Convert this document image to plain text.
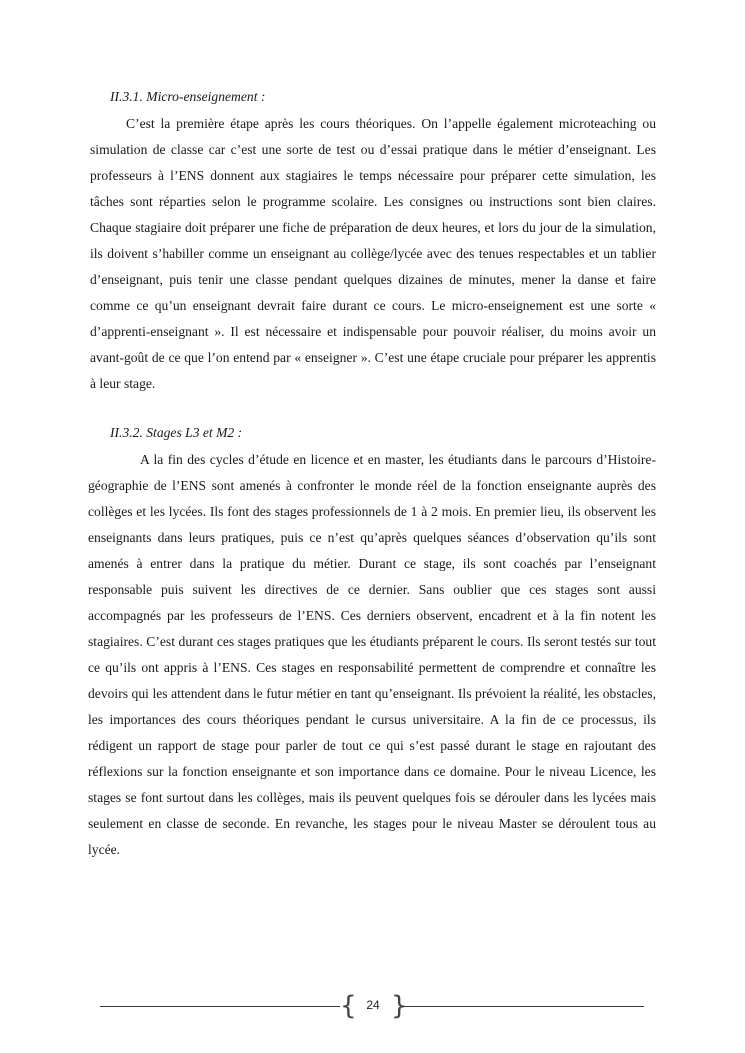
II.3.1. Micro-enseignement :

C’est la première étape après les cours théoriques. On l’appelle également microteaching ou simulation de classe car c’est une sorte de test ou d’essai pratique dans le métier d’enseignant. Les professeurs à l’ENS donnent aux stagiaires le temps nécessaire pour préparer cette simulation, les tâches sont réparties selon le programme scolaire. Les consignes ou instructions sont bien claires. Chaque stagiaire doit préparer une fiche de préparation de deux heures, et lors du jour de la simulation, ils doivent s’habiller comme un enseignant au collège/lycée avec des tenues respectables et un tablier d’enseignant, puis tenir une classe pendant quelques dizaines de minutes, mener la danse et faire comme ce qu’un enseignant devrait faire durant ce cours. Le micro-enseignement est une sorte « d’apprenti-enseignant ». Il est nécessaire et indispensable pour pouvoir réaliser, du moins avoir un avant-goût de ce que l’on entend par « enseigner ». C’est une étape cruciale pour préparer les apprentis à leur stage.

II.3.2. Stages L3 et M2 :

A la fin des cycles d’étude en licence et en master, les étudiants dans le parcours d’Histoire-géographie de l’ENS sont amenés à confronter le monde réel de la fonction enseignante auprès des collèges et les lycées. Ils font des stages professionnels de 1 à 2 mois. En premier lieu, ils observent les enseignants dans leurs pratiques, puis ce n’est qu’après quelques séances d’observation qu’ils sont amenés à entrer dans la pratique du métier. Durant ce stage, ils sont coachés par l’enseignant responsable puis suivent les directives de ce dernier. Sans oublier que ces stages sont aussi accompagnés par les professeurs de l’ENS. Ces derniers observent, encadrent et à la fin notent les stagiaires. C’est durant ces stages pratiques que les étudiants préparent le cours. Ils seront testés sur tout ce qu’ils ont appris à l’ENS. Ces stages en responsabilité permettent de comprendre et connaître les devoirs qui les attendent dans le futur métier en tant qu’enseignant. Ils prévoient la réalité, les obstacles, les importances des cours théoriques pendant le cursus universitaire. A la fin de ce processus, ils rédigent un rapport de stage pour parler de tout ce qui s’est passé durant le stage en rajoutant des réflexions sur la fonction enseignante et son importance dans ce domaine. Pour le niveau Licence, les stages se font surtout dans les collèges, mais ils peuvent quelques fois se dérouler dans les lycées mais seulement en classe de seconde. En revanche, les stages pour le niveau Master se déroulent tous au lycée.

{ 24 }
